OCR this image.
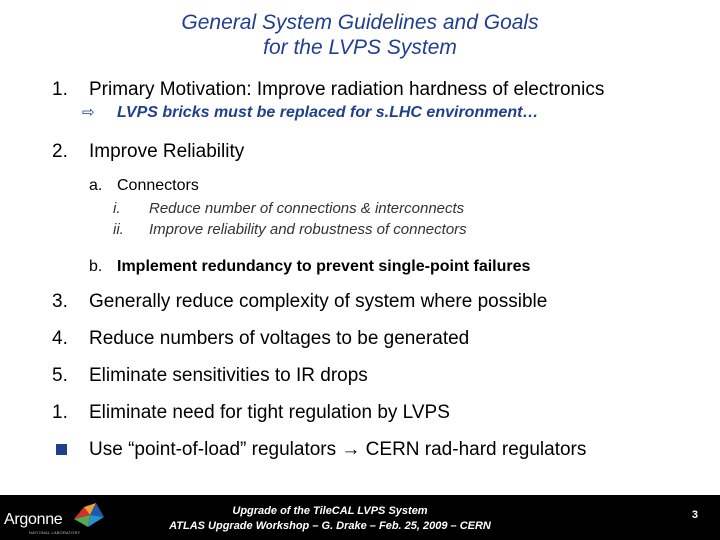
General System Guidelines and Goals
for the LVPS System
1. Primary Motivation: Improve radiation hardness of electronics
⇨ LVPS bricks must be replaced for s.LHC environment…
2. Improve Reliability
a. Connectors
i. Reduce number of connections & interconnects
ii. Improve reliability and robustness of connectors
b. Implement redundancy to prevent single-point failures
3. Generally reduce complexity of system where possible
4. Reduce numbers of voltages to be generated
5. Eliminate sensitivities to IR drops
1. Eliminate need for tight regulation by LVPS
Use “point-of-load” regulators → CERN rad-hard regulators
Argonne
NATIONAL LABORATORY
Upgrade of the TileCAL LVPS System
ATLAS Upgrade Workshop – G. Drake – Feb. 25, 2009 – CERN
3
